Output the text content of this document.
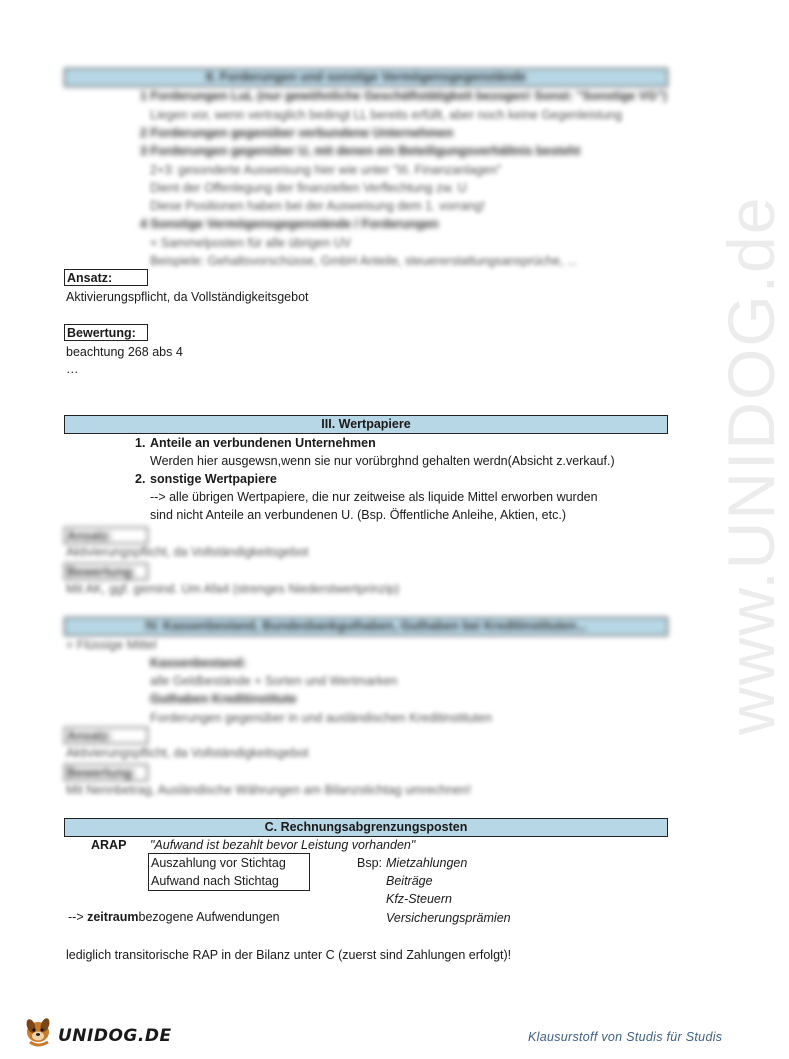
www.UNIDOG.de
II. Forderungen und sonstige Vermögensgegenstände
1 Forderungen LuL (nur gewöhnliche Geschäftstätigkeit bezogen! Sonst: "Sonstige VG")
Liegen vor, wenn vertraglich bedingt LL bereits erfüllt, aber noch keine Gegenleistung
2 Forderungen gegenüber verbundene Unternehmen
3 Forderungen gegenüber U, mit denen ein Beteiligungsverhältnis besteht
2+3: gesonderte Ausweisung hier wie unter "III. Finanzanlagen"
Dient der Offenlegung der finanziellen Verflechtung zw. U
Diese Positionen haben bei der Ausweisung dem 1. vorrang!
4 Sonstige Vermögensgegenstände / Forderungen
= Sammelposten für alle übrigen UV
Beispiele: Gehaltsvorschüsse, GmbH Anteile, steuererstattungsansprüche, ...
Ansatz:
Aktivierungspflicht, da Vollständigkeitsgebot
Bewertung:
beachtung 268 abs 4
…
III. Wertpapiere
1. Anteile an verbundenen Unternehmen
Werden hier ausgewsn,wenn sie nur vorübrghnd gehalten werdn(Absicht z.verkauf.)
2. sonstige Wertpapiere
--> alle übrigen Wertpapiere, die nur zeitweise als liquide Mittel erworben wurden
sind nicht Anteile an verbundenen U. (Bsp. Öffentliche Anleihe, Aktien, etc.)
Ansatz:
Aktivierungspflicht, da Vollständigkeitsgebot
Bewertung:
Mit AK, ggf. gemind. Um Afa4 (strenges Niederstwertprinzip)
IV. Kassenbestand, Bundesbankguthaben, Guthaben bei Kreditinstituten...
= Flüssige Mittel
Kassenbestand:
alle Geldbestände + Sorten und Wertmarken
Guthaben Kreditinstitute
Forderungen gegenüber in und ausländischen Kreditinstituten
Ansatz:
Aktivierungspflicht, da Vollständigkeitsgebot
Bewertung:
Mit Nennbetrag, Ausländische Währungen am Bilanzstichtag umrechnen!
C. Rechnungsabgrenzungsposten
ARAP "Aufwand ist bezahlt bevor Leistung vorhanden"
Auszahlung vor Stichtag
Aufwand nach Stichtag
Bsp: Mietzahlungen
Beiträge
Kfz-Steuern
Versicherungsprämien
--> zeitraumbezogene Aufwendungen
lediglich transitorische RAP in der Bilanz unter C (zuerst sind Zahlungen erfolgt)!
UNIDOG.DE	Klausurstoff von Studis für Studis
